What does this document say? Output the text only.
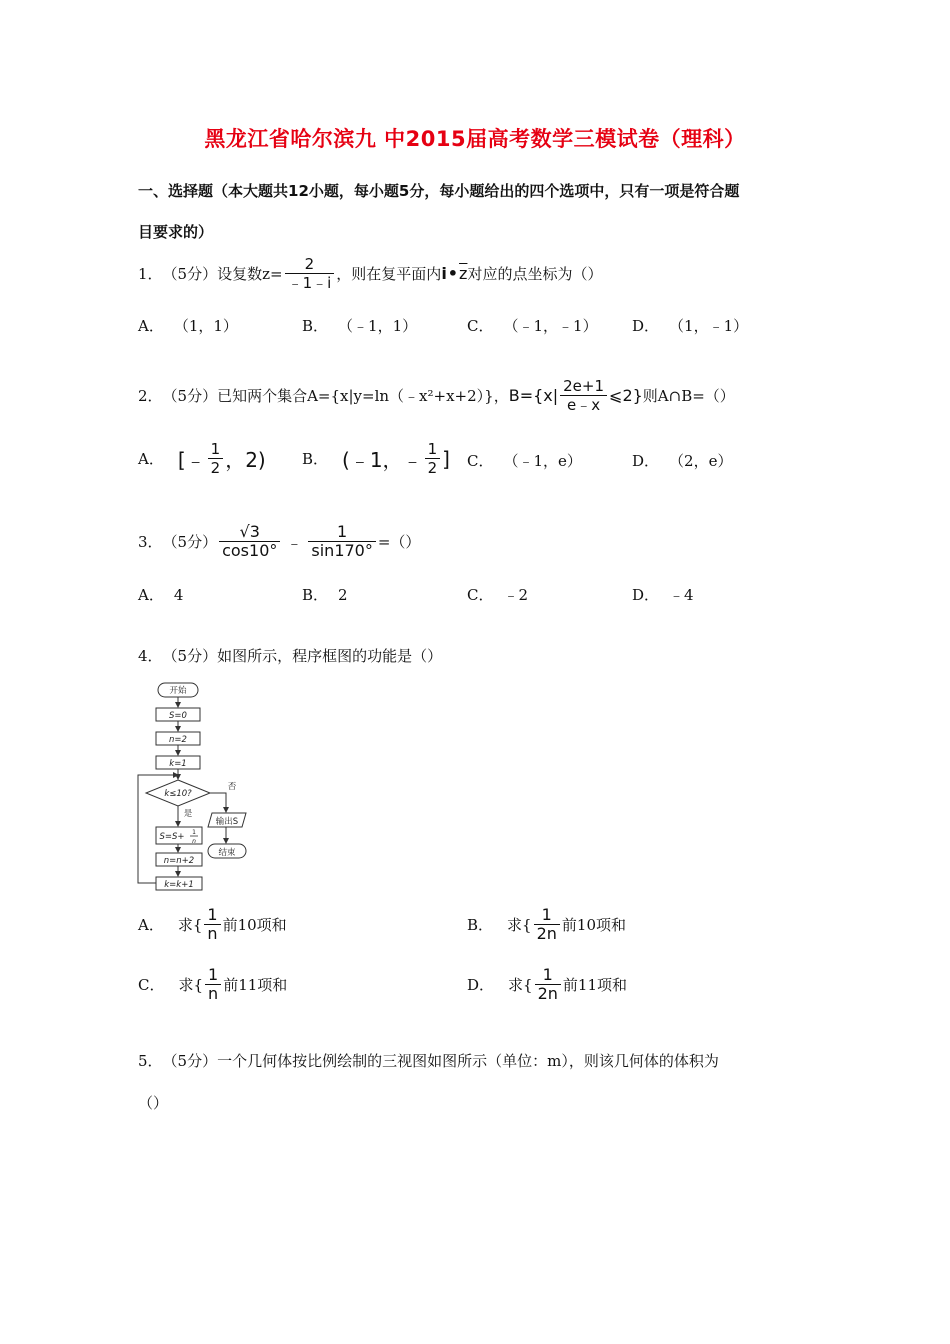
黑龙江省哈尔滨九 中2015届高考数学三模试卷（理科）
一、选择题（本大题共12小题，每小题5分，每小题给出的四个选项中，只有一项是符合题
目要求的）
1． （5分） 设复数$z= \frac{2}{﹣1﹣i}$ ，则在复平面内 i • $\overline{z}$ 对应的点坐标为（）
A． （1，1）	B． （﹣1，1）	C． （﹣1，﹣1） D． （1，﹣1）
2． （5分） 已知两个集合A={x|y=ln（﹣x²+x+2）}， $B=\{x| \frac{2e+1}{e﹣x}$ ⩽2} 则A∩B=（）
A． [﹣ $\frac{1}{2}$ ，2) B． (﹣1，﹣ $\frac{1}{2}$ ] C． （﹣1，e）	D． （2，e）
3． （5分） $\frac{√3}{\cos 10^\circ}$ ﹣ $\frac{1}{\sin 170^\circ}$ =（）
A． 4	B． 2	C． ﹣2	D． ﹣4
4． （5分） 如图所示，程序框图的功能是（）
开始
S=0
n=2
k=1
k≤10?
否
是
输出S
结束
S=S+ 1
n
n=n+2
k=k+1
A． 求{ $\frac{1}{n}$ 前10项和	B． 求{ $\frac{1}{2n}$ 前10项和
C． 求{ $\frac{1}{n}$ 前11项和	D． 求{ $\frac{1}{2n}$ 前11项和
5． （5分） 一个几何体按比例绘制的三视图如图所示（单位：m），则该几何体的体积为
（）
